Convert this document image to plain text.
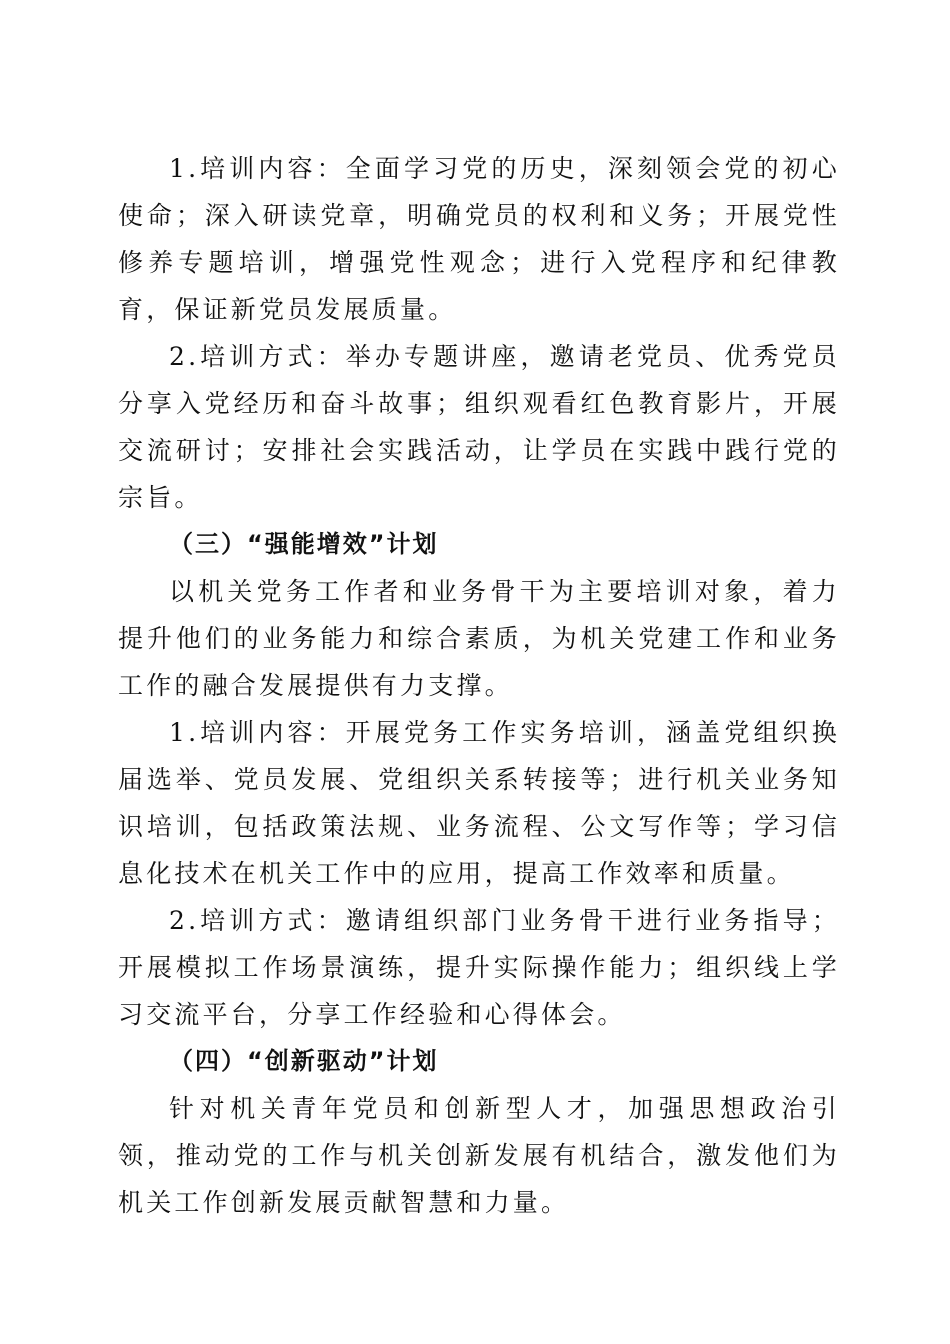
1.培训内容：全面学习党的历史，深刻领会党的初心使命；深入研读党章，明确党员的权利和义务；开展党性修养专题培训，增强党性观念；进行入党程序和纪律教育，保证新党员发展质量。

2.培训方式：举办专题讲座，邀请老党员、优秀党员分享入党经历和奋斗故事；组织观看红色教育影片，开展交流研讨；安排社会实践活动，让学员在实践中践行党的宗旨。

（三）“强能增效”计划

以机关党务工作者和业务骨干为主要培训对象，着力提升他们的业务能力和综合素质，为机关党建工作和业务工作的融合发展提供有力支撑。

1.培训内容：开展党务工作实务培训，涵盖党组织换届选举、党员发展、党组织关系转接等；进行机关业务知识培训，包括政策法规、业务流程、公文写作等；学习信息化技术在机关工作中的应用，提高工作效率和质量。

2.培训方式：邀请组织部门业务骨干进行业务指导；开展模拟工作场景演练，提升实际操作能力；组织线上学习交流平台，分享工作经验和心得体会。

（四）“创新驱动”计划

针对机关青年党员和创新型人才，加强思想政治引领，推动党的工作与机关创新发展有机结合，激发他们为机关工作创新发展贡献智慧和力量。
